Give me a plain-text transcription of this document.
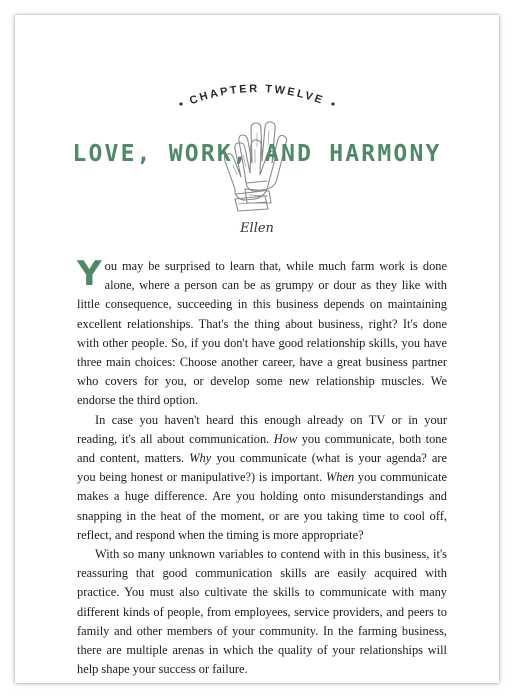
CHAPTER TWELVE
LOVE, WORK, AND HARMONY
Ellen

You may be surprised to learn that, while much farm work is done alone, where a person can be as grumpy or dour as they like with little consequence, succeeding in this business depends on maintaining excellent relationships. That's the thing about business, right? It's done with other people. So, if you don't have good relationship skills, you have three main choices: Choose another career, have a great business partner who covers for you, or develop some new relationship muscles. We endorse the third option.

In case you haven't heard this enough already on TV or in your reading, it's all about communication. How you communicate, both tone and content, matters. Why you communicate (what is your agenda? are you being honest or manipulative?) is important. When you communicate makes a huge difference. Are you holding onto misunderstandings and snapping in the heat of the moment, or are you taking time to cool off, reflect, and respond when the timing is more appropriate?

With so many unknown variables to contend with in this business, it's reassuring that good communication skills are easily acquired with practice. You must also cultivate the skills to communicate with many different kinds of people, from employees, service providers, and peers to family and other members of your community. In the farming business, there are multiple arenas in which the quality of your relationships will help shape your success or failure.
